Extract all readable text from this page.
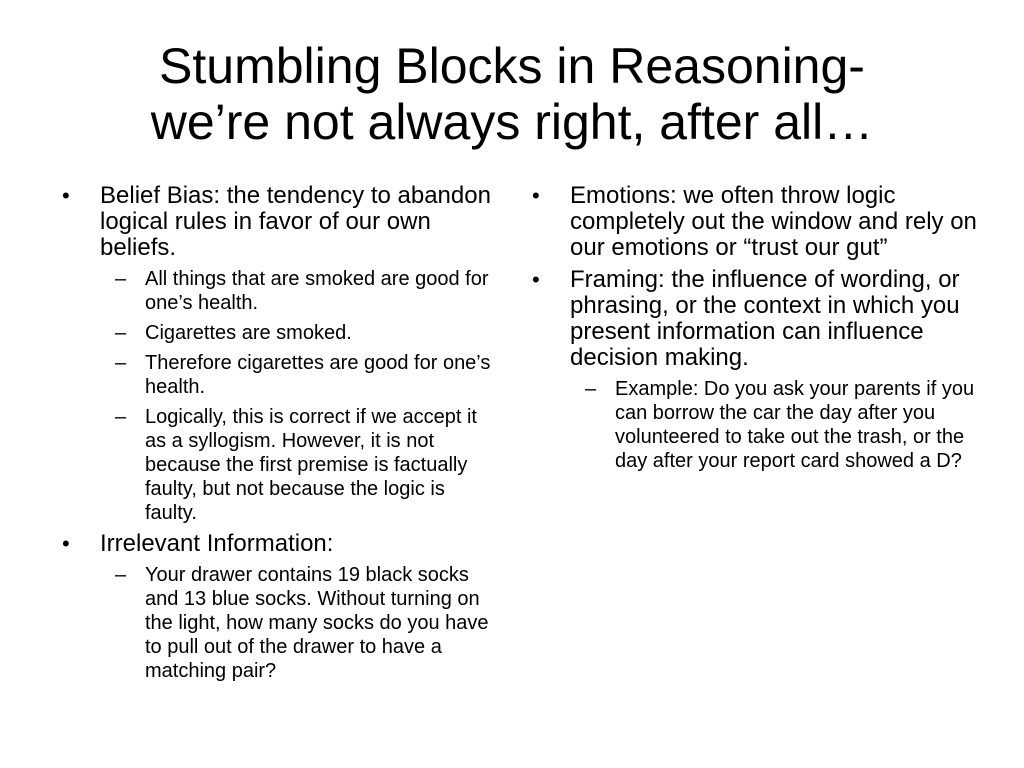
Stumbling Blocks in Reasoning-
we’re not always right, after all…
• Belief Bias: the tendency to abandon logical rules in favor of our own beliefs.
– All things that are smoked are good for one’s health.
– Cigarettes are smoked.
– Therefore cigarettes are good for one’s health.
– Logically, this is correct if we accept it as a syllogism. However, it is not because the first premise is factually faulty, but not because the logic is faulty.
• Irrelevant Information:
– Your drawer contains 19 black socks and 13 blue socks. Without turning on the light, how many socks do you have to pull out of the drawer to have a matching pair?
• Emotions: we often throw logic completely out the window and rely on our emotions or “trust our gut”
• Framing: the influence of wording, or phrasing, or the context in which you present information can influence decision making.
– Example: Do you ask your parents if you can borrow the car the day after you volunteered to take out the trash, or the day after your report card showed a D?
